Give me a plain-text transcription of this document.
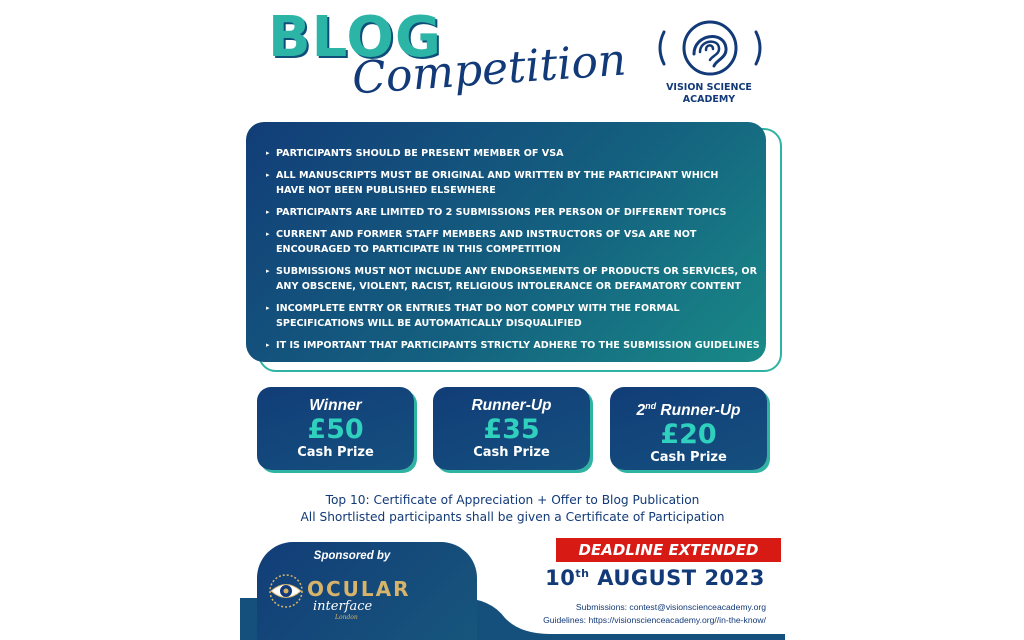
BLOG
Competition	VISION SCIENCE
ACADEMY
▸ PARTICIPANTS SHOULD BE PRESENT MEMBER OF VSA
▸ ALL MANUSCRIPTS MUST BE ORIGINAL AND WRITTEN BY THE PARTICIPANT WHICH
HAVE NOT BEEN PUBLISHED ELSEWHERE
▸ PARTICIPANTS ARE LIMITED TO 2 SUBMISSIONS PER PERSON OF DIFFERENT TOPICS
▸ CURRENT AND FORMER STAFF MEMBERS AND INSTRUCTORS OF VSA ARE NOT
ENCOURAGED TO PARTICIPATE IN THIS COMPETITION
▸ SUBMISSIONS MUST NOT INCLUDE ANY ENDORSEMENTS OF PRODUCTS OR SERVICES, OR
ANY OBSCENE, VIOLENT, RACIST, RELIGIOUS INTOLERANCE OR DEFAMATORY CONTENT
▸ INCOMPLETE ENTRY OR ENTRIES THAT DO NOT COMPLY WITH THE FORMAL
SPECIFICATIONS WILL BE AUTOMATICALLY DISQUALIFIED
▸ IT IS IMPORTANT THAT PARTICIPANTS STRICTLY ADHERE TO THE SUBMISSION GUIDELINES
Winner
£50
Cash Prize
Runner-Up
£35
Cash Prize
2nd Runner-Up
£20
Cash Prize
Top 10: Certificate of Appreciation + Offer to Blog Publication
All Shortlisted participants shall be given a Certificate of Participation
Sponsored by
OCULAR
interface
London
DEADLINE EXTENDED
10th AUGUST 2023
Submissions: contest@visionscienceacademy.org
Guidelines: https://visionscienceacademy.org//in-the-know/
